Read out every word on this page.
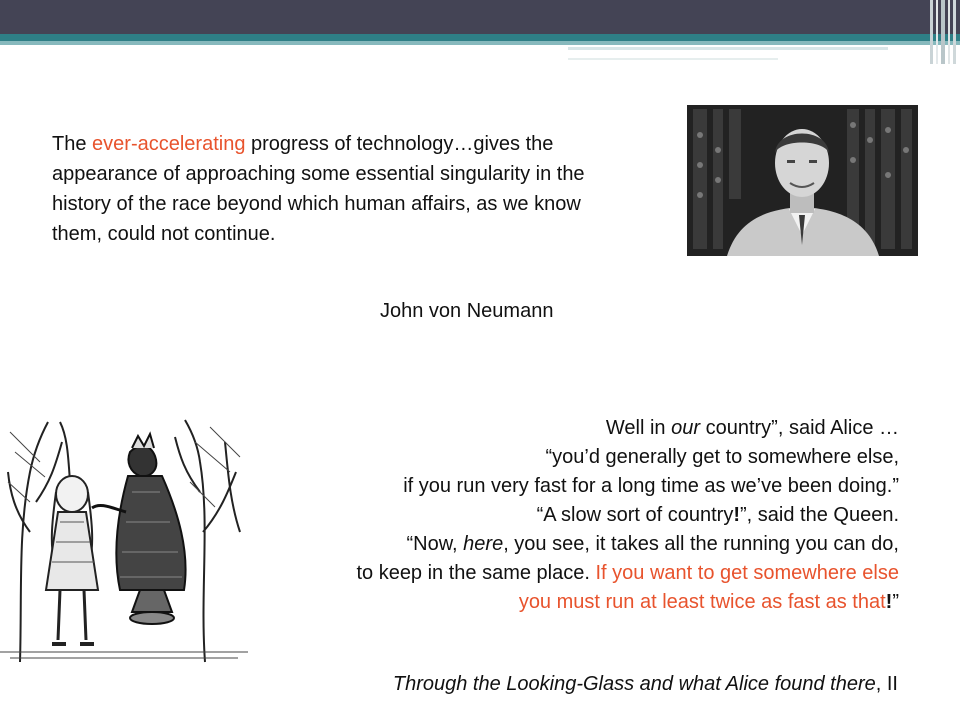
The ever-accelerating progress of technology…gives the appearance of approaching some essential singularity in the history of the race beyond which human affairs, as we know them, could not continue.

John von Neumann

Well in our country”, said Alice …
“you’d generally get to somewhere else,
if you run very fast for a long time as we’ve been doing.”
“A slow sort of country!”, said the Queen.
“Now, here, you see, it takes all the running you can do,
to keep in the same place. If you want to get somewhere else
you must run at least twice as fast as that!”

Through the Looking-Glass and what Alice found there, II
